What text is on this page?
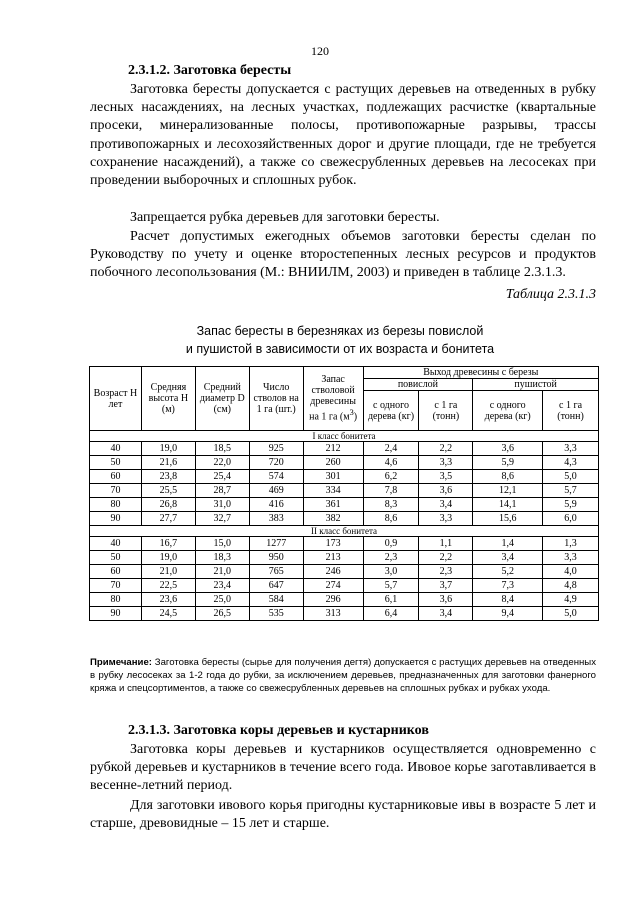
120
2.3.1.2. Заготовка бересты

Заготовка бересты допускается с растущих деревьев на отведенных в рубку лесных насаждениях, на лесных участках, подлежащих расчистке (квартальные просеки, минерализованные полосы, противопожарные разрывы, трассы противопожарных и лесохозяйственных дорог и другие площади, где не требуется сохранение насаждений), а также со свежесрубленных деревьев на лесосеках при проведении выборочных и сплошных рубок.

Запрещается рубка деревьев для заготовки бересты.

Расчет допустимых ежегодных объемов заготовки бересты сделан по Руководству по учету и оценке второстепенных лесных ресурсов и продуктов побочного лесопользования (М.: ВНИИЛМ, 2003) и приведен в таблице 2.3.1.3.

Таблица 2.3.1.3
Запас бересты в березняках из березы повислой
и пушистой в зависимости от их возраста и бонитета
Возраст Н лет	Средняя высота Н (м)	Средний диаметр D (см)	Число стволов на 1 га (шт.)	Запас стволовой древесины на 1 га $(м^3)$	Выход древесины с березы			
					повислой		пушистой	
					с одного дерева (кг)	с 1 га (тонн)	с одного дерева (кг)	с 1 га (тонн)
I класс бонитета								
40	19,0	18,5	925	212	2,4	2,2	3,6	3,3
50	21,6	22,0	720	260	4,6	3,3	5,9	4,3
60	23,8	25,4	574	301	6,2	3,5	8,6	5,0
70	25,5	28,7	469	334	7,8	3,6	12,1	5,7
80	26,8	31,0	416	361	8,3	3,4	14,1	5,9
90	27,7	32,7	383	382	8,6	3,3	15,6	6,0
II класс бонитета								
40	16,7	15,0	1277	173	0,9	1,1	1,4	1,3
50	19,0	18,3	950	213	2,3	2,2	3,4	3,3
60	21,0	21,0	765	246	3,0	2,3	5,2	4,0
70	22,5	23,4	647	274	5,7	3,7	7,3	4,8
80	23,6	25,0	584	296	6,1	3,6	8,4	4,9
90	24,5	26,5	535	313	6,4	3,4	9,4	5,0

Примечание: Заготовка бересты (сырье для получения дегтя) допускается с растущих деревьев на отведенных в рубку лесосеках за 1-2 года до рубки, за исключением деревьев, предназначенных для заготовки фанерного кряжа и спецсортиментов, а также со свежесрубленных деревьев на сплошных рубках и рубках ухода.

2.3.1.3. Заготовка коры деревьев и кустарников

Заготовка коры деревьев и кустарников осуществляется одновременно с рубкой деревьев и кустарников в течение всего года. Ивовое корье заготавливается в весенне-летний период.

Для заготовки ивового корья пригодны кустарниковые ивы в возрасте 5 лет и старше, древовидные – 15 лет и старше.
